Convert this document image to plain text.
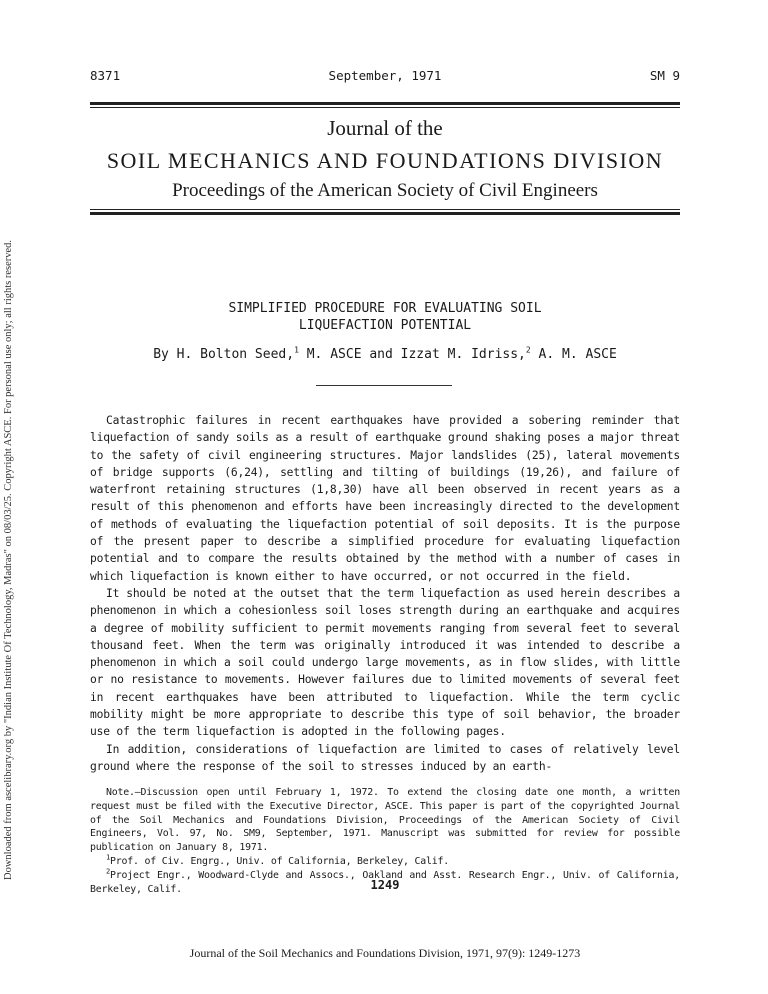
Downloaded from ascelibrary.org by "Indian Institute Of Technology, Madras" on 08/03/25. Copyright ASCE. For personal use only; all rights reserved.
8371	September, 1971	SM 9
Journal of the
SOIL MECHANICS AND FOUNDATIONS DIVISION
Proceedings of the American Society of Civil Engineers
SIMPLIFIED PROCEDURE FOR EVALUATING SOIL
LIQUEFACTION POTENTIAL
By H. Bolton Seed,$^1$ M. ASCE and Izzat M. Idriss,$^2$ A. M. ASCE

Catastrophic failures in recent earthquakes have provided a sobering reminder that liquefaction of sandy soils as a result of earthquake ground shaking poses a major threat to the safety of civil engineering structures. Major landslides (25), lateral movements of bridge supports (6,24), settling and tilting of buildings (19,26), and failure of waterfront retaining structures (1,8,30) have all been observed in recent years as a result of this phenomenon and efforts have been increasingly directed to the development of methods of evaluating the liquefaction potential of soil deposits. It is the purpose of the present paper to describe a simplified procedure for evaluating liquefaction potential and to compare the results obtained by the method with a number of cases in which liquefaction is known either to have occurred, or not occurred in the field.

It should be noted at the outset that the term liquefaction as used herein describes a phenomenon in which a cohesionless soil loses strength during an earthquake and acquires a degree of mobility sufficient to permit movements ranging from several feet to several thousand feet. When the term was originally introduced it was intended to describe a phenomenon in which a soil could undergo large movements, as in flow slides, with little or no resistance to movements. However failures due to limited movements of several feet in recent earthquakes have been attributed to liquefaction. While the term cyclic mobility might be more appropriate to describe this type of soil behavior, the broader use of the term liquefaction is adopted in the following pages.

In addition, considerations of liquefaction are limited to cases of relatively level ground where the response of the soil to stresses induced by an earth-

Note.—Discussion open until February 1, 1972. To extend the closing date one month, a written request must be filed with the Executive Director, ASCE. This paper is part of the copyrighted Journal of the Soil Mechanics and Foundations Division, Proceedings of the American Society of Civil Engineers, Vol. 97, No. SM9, September, 1971. Manuscript was submitted for review for possible publication on January 8, 1971.

$^1$Prof. of Civ. Engrg., Univ. of California, Berkeley, Calif.

$^2$Project Engr., Woodward-Clyde and Assocs., Oakland and Asst. Research Engr., Univ. of California, Berkeley, Calif.	1249
Journal of the Soil Mechanics and Foundations Division, 1971, 97(9): 1249-1273
